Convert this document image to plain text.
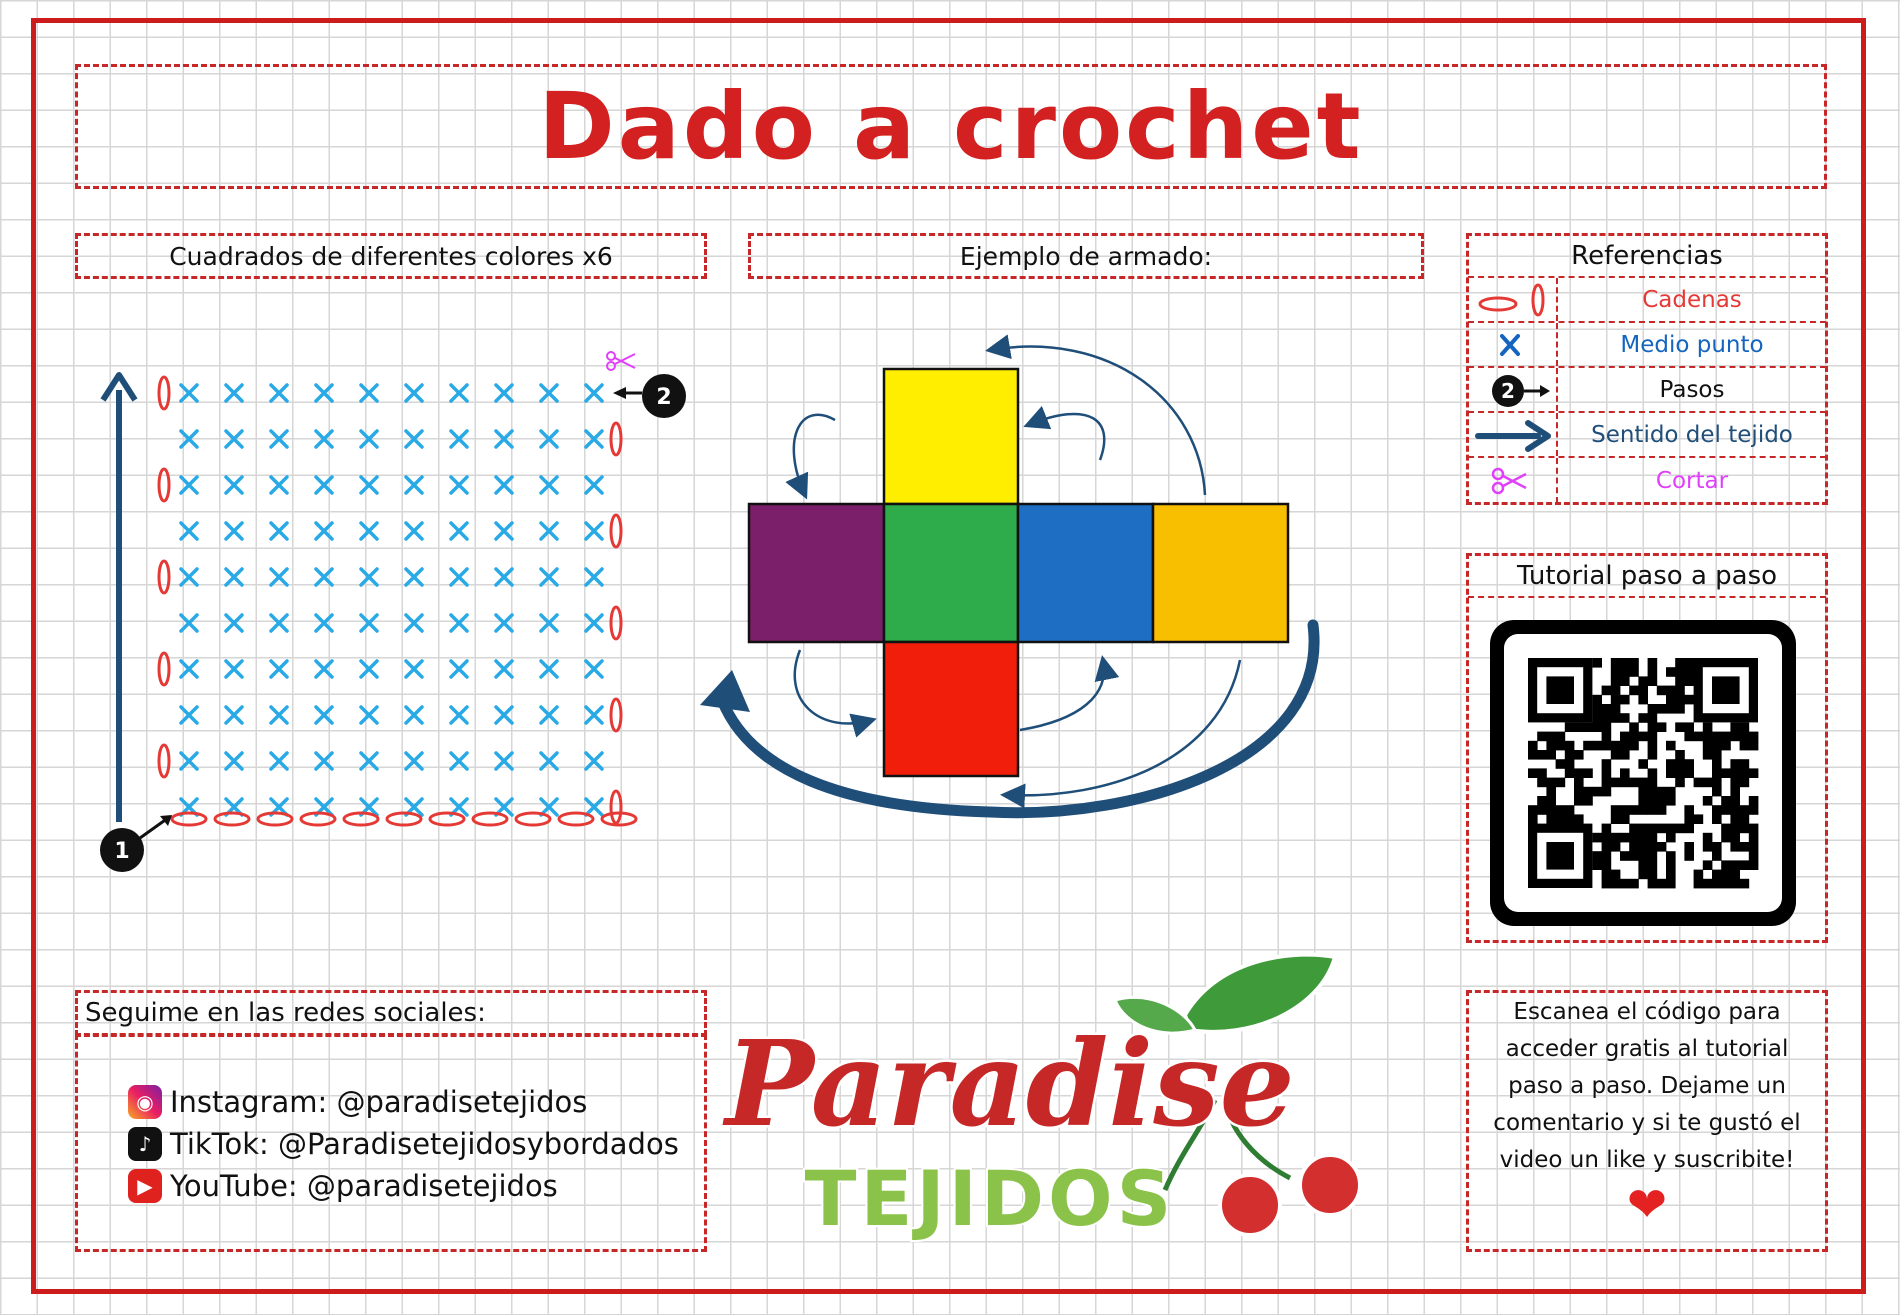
Dado a crochet
Cuadrados de diferentes colores x6	Ejemplo de armado:	Referencias
Cadenas
Medio punto
2	Pasos
Sentido del tejido
Cortar
Tutorial paso a paso
Escanea el código para acceder gratis al tutorial paso a paso. Dejame un comentario y si te gustó el video un like y suscribite!
❤
Seguime en las redes sociales:
◉ Instagram: @paradisetejidos
♪ TikTok: @Paradisetejidosybordados
▶ YouTube: @paradisetejidos
1
2
Paradise
TEJIDOS
